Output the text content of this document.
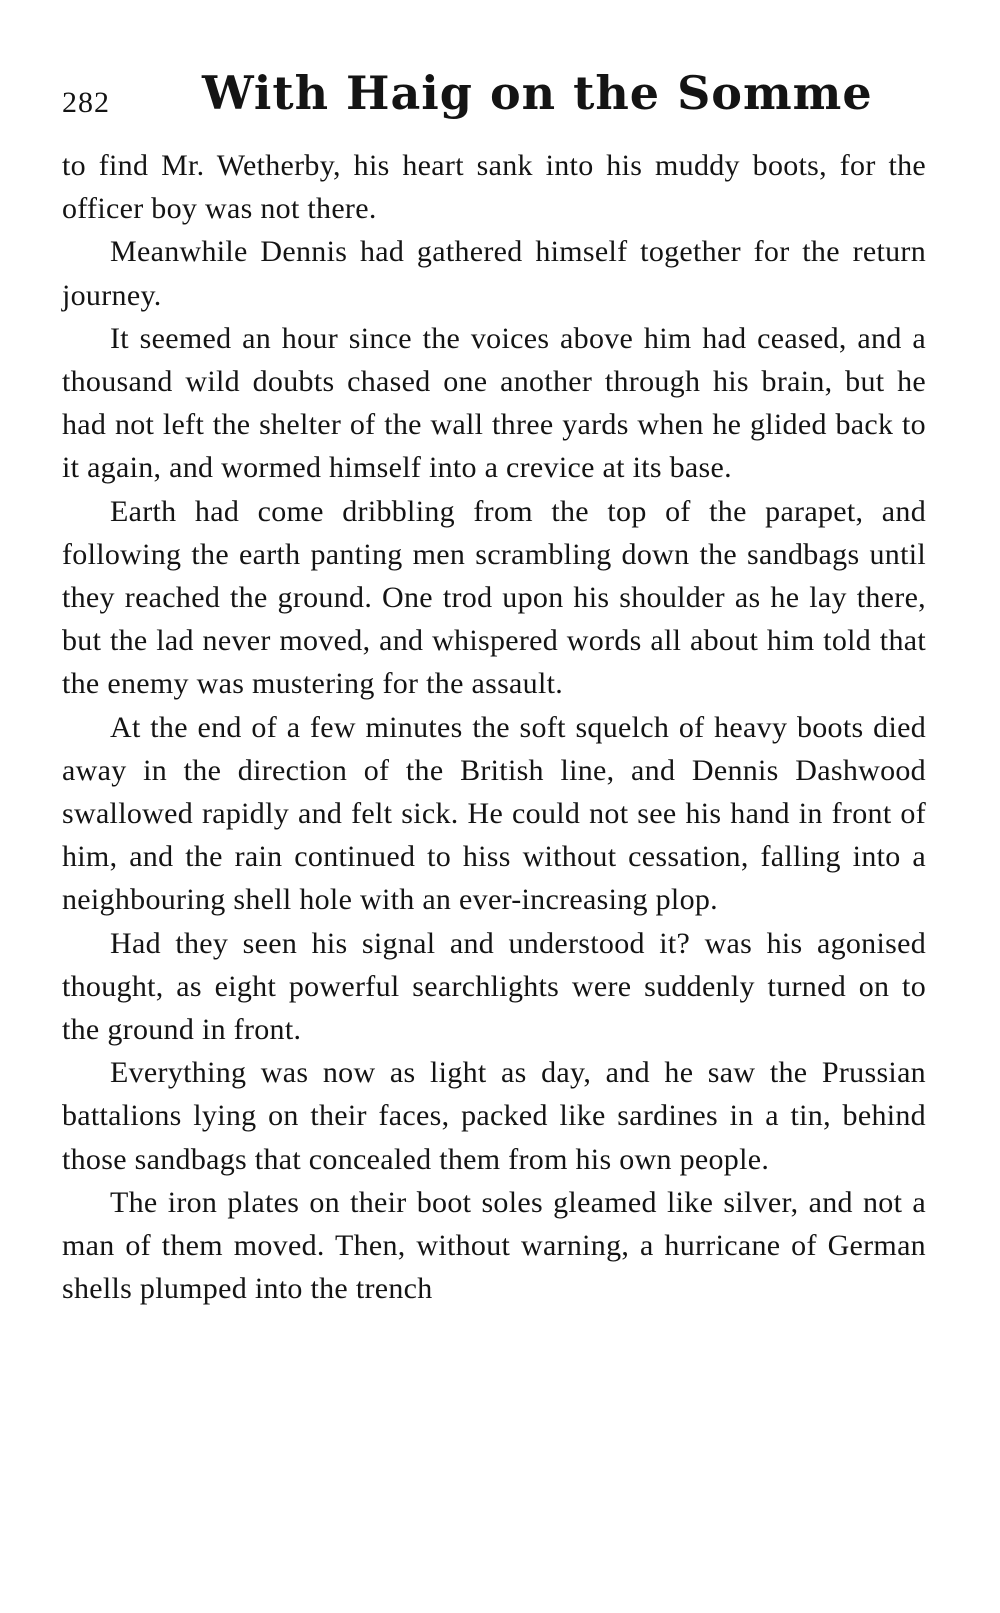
282 With Haig on the Somme

to find Mr. Wetherby, his heart sank into his muddy boots, for the officer boy was not there.

Meanwhile Dennis had gathered himself together for the return journey.

It seemed an hour since the voices above him had ceased, and a thousand wild doubts chased one another through his brain, but he had not left the shelter of the wall three yards when he glided back to it again, and wormed himself into a crevice at its base.

Earth had come dribbling from the top of the parapet, and following the earth panting men scrambling down the sandbags until they reached the ground. One trod upon his shoulder as he lay there, but the lad never moved, and whispered words all about him told that the enemy was mustering for the assault.

At the end of a few minutes the soft squelch of heavy boots died away in the direction of the British line, and Dennis Dashwood swallowed rapidly and felt sick. He could not see his hand in front of him, and the rain continued to hiss without cessation, falling into a neighbouring shell hole with an ever-increasing plop.

Had they seen his signal and understood it? was his agonised thought, as eight powerful searchlights were suddenly turned on to the ground in front.

Everything was now as light as day, and he saw the Prussian battalions lying on their faces, packed like sardines in a tin, behind those sandbags that concealed them from his own people.

The iron plates on their boot soles gleamed like silver, and not a man of them moved. Then, without warning, a hurricane of German shells plumped into the trench
